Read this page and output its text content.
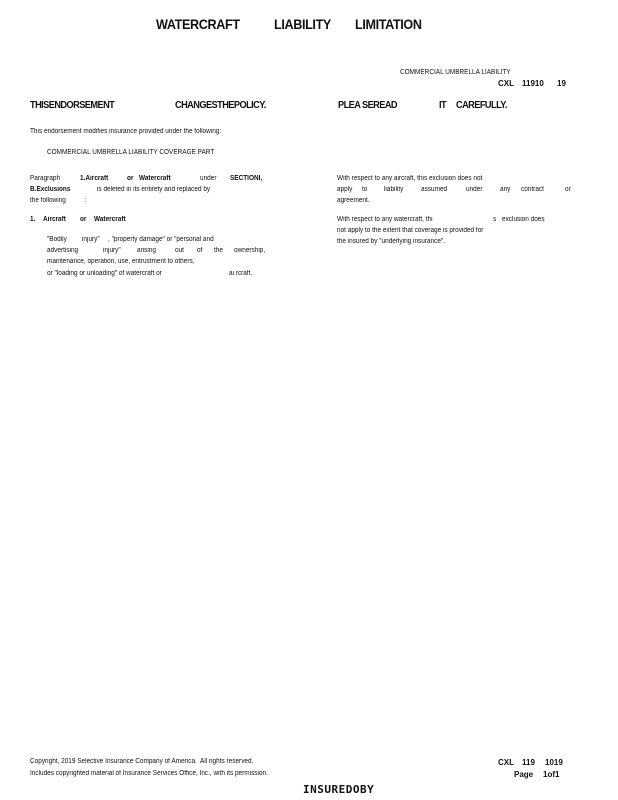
WATERCRAFT LIABILITY LIMITATION
COMMERCIAL UMBRELLA LIABILITY
CXL 11910 19
THISENDORSEMENT	CHANGESTHEPOLICY.	PLEA SEREAD	IT CAREFULLY.
This endorsement modifies insurance provided under the following:
COMMERCIAL UMBRELLA LIABILITY COVERAGE PART
Paragraph	1.Aircraft	or Watercraft	under SECTIONI,
B.Exclusions	is deleted in its entirety and replaced by
the following	:
1. Aircraft or Watercraft
"Bodily injury" , "property damage" or "personal and
advertising	injury" arising	out of the ownership,
maintenance, operation, use, entrustment to others,
or "loading or unloading" of watercraft or	ai rcraft.
With respect to any aircraft, this exclusion does not
apply to liability	assumed	under	any contract	or
agreement.
With respect to any watercraft, thi	s exclusion does
not apply to the extent that coverage is provided for
the insured by "underlying insurance".
Copyright, 2019 Selective Insurance Company of America.  All rights reserved.
Includes copyrighted material of Insurance Services Office, Inc., with its permission.
CXL 119 1019
Page 1of1
INSUREDOBY
